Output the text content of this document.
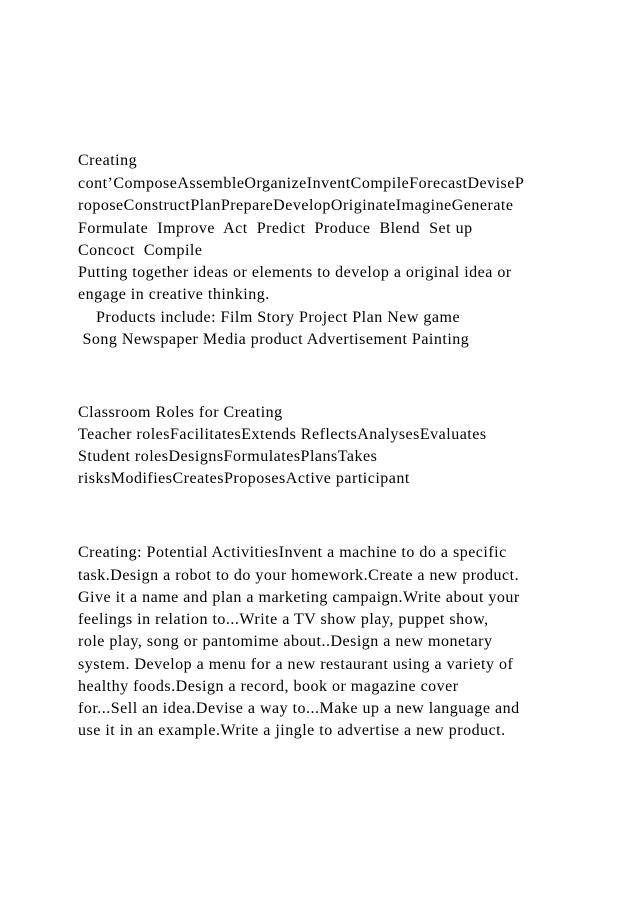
Creating
cont’ComposeAssembleOrganizeInventCompileForecastDeviseP
roposeConstructPlanPrepareDevelopOriginateImagineGenerate
Formulate  Improve  Act  Predict  Produce  Blend  Set up
Concoct  Compile
Putting together ideas or elements to develop a original idea or
engage in creative thinking.
Products include: Film Story Project Plan New game
Song Newspaper Media product Advertisement Painting
Classroom Roles for Creating
Teacher rolesFacilitatesExtends ReflectsAnalysesEvaluates
Student rolesDesignsFormulatesPlansTakes
risksModifiesCreatesProposesActive participant
Creating: Potential ActivitiesInvent a machine to do a specific
task.Design a robot to do your homework.Create a new product.
Give it a name and plan a marketing campaign.Write about your
feelings in relation to...Write a TV show play, puppet show,
role play, song or pantomime about..Design a new monetary
system. Develop a menu for a new restaurant using a variety of
healthy foods.Design a record, book or magazine cover
for...Sell an idea.Devise a way to...Make up a new language and
use it in an example.Write a jingle to advertise a new product.
